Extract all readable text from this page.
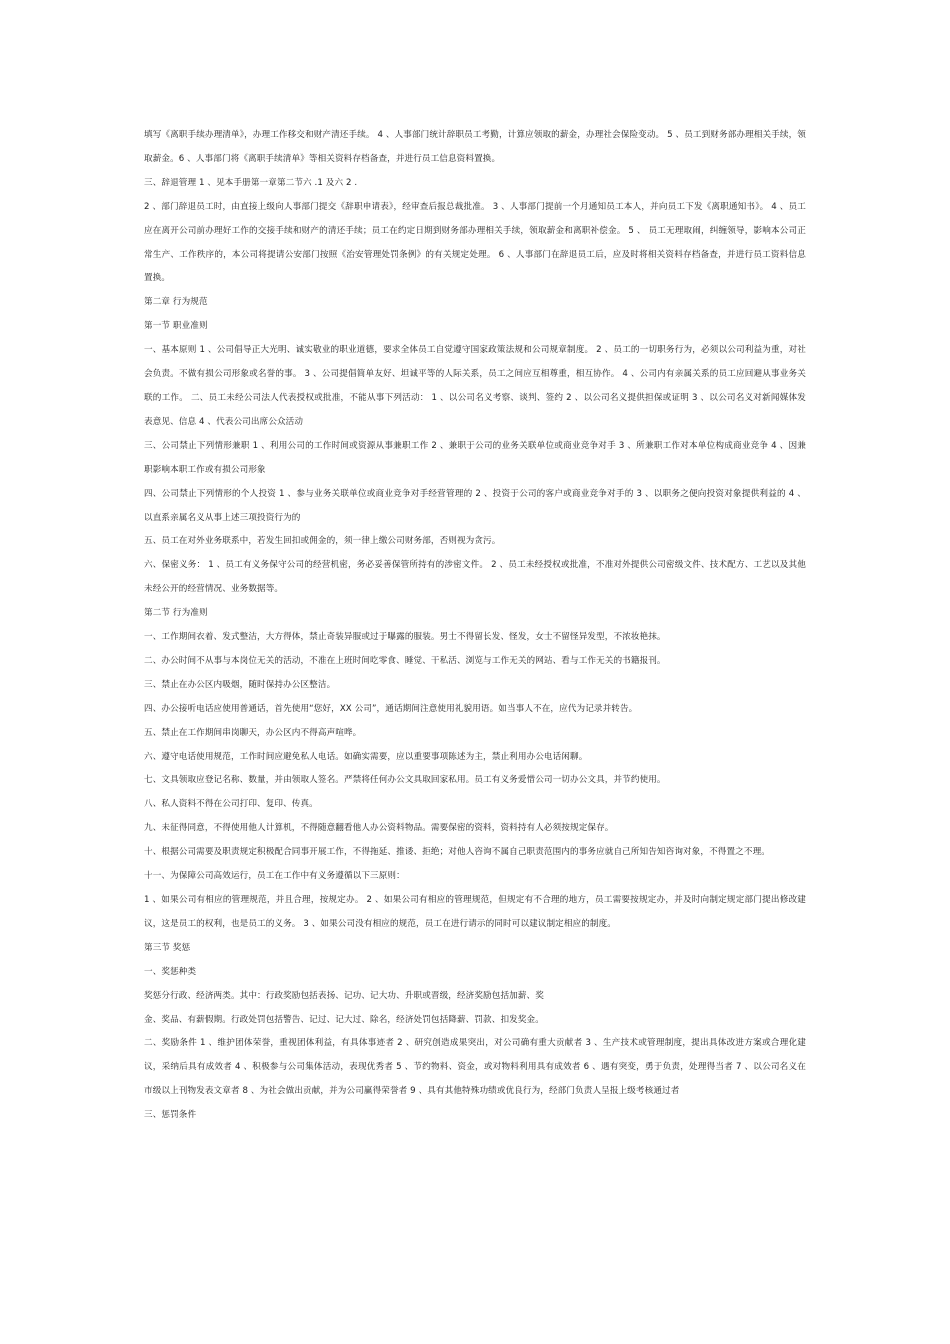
填写《离职手续办理清单》，办理工作移交和财产清还手续。 4 、人事部门统计辞职员工考勤，计算应领取的薪金，办理社会保险变动。 5 、员工到财务部办理相关手续，领取薪金。6 、人事部门将《离职手续清单》等相关资料存档备查，并进行员工信息资料置换。

三、辞退管理 1 、见本手册第一章第二节六 .1 及六 2 .

2 、部门辞退员工时，由直接上级向人事部门提交《辞职申请表》，经审查后报总裁批准。 3 、人事部门提前一个月通知员工本人，并向员工下发《离职通知书》。 4 、员工应在离开公司前办理好工作的交接手续和财产的清还手续；员工在约定日期到财务部办理相关手续，领取薪金和离职补偿金。 5 、 员工无理取闹，纠缠领导，影响本公司正常生产、工作秩序的，本公司将提请公安部门按照《治安管理处罚条例》的有关规定处理。 6 、人事部门在辞退员工后，应及时将相关资料存档备查，并进行员工资料信息置换。

第二章 行为规范

第一节 职业准则

一、基本原则 1 、公司倡导正大光明、诚实敬业的职业道德，要求全体员工自觉遵守国家政策法规和公司规章制度。 2 、员工的一切职务行为，必须以公司利益为重，对社会负责。不做有损公司形象或名誉的事。 3 、公司提倡简单友好、坦诚平等的人际关系，员工之间应互相尊重，相互协作。 4 、公司内有亲属关系的员工应回避从事业务关联的工作。 二、员工未经公司法人代表授权或批准，不能从事下列活动： 1 、以公司名义考察、谈判、签约 2 、以公司名义提供担保或证明 3 、以公司名义对新闻媒体发表意见、信息 4 、代表公司出席公众活动

三、公司禁止下列情形兼职 1 、利用公司的工作时间或资源从事兼职工作 2 、兼职于公司的业务关联单位或商业竞争对手 3 、所兼职工作对本单位构成商业竞争 4 、因兼职影响本职工作或有损公司形象

四、公司禁止下列情形的个人投资 1 、参与业务关联单位或商业竞争对手经营管理的 2 、投资于公司的客户或商业竞争对手的 3 、以职务之便向投资对象提供利益的 4 、以直系亲属名义从事上述三项投资行为的

五、员工在对外业务联系中，若发生回扣或佣金的，须一律上缴公司财务部，否则视为贪污。

六、保密义务： 1 、员工有义务保守公司的经营机密，务必妥善保管所持有的涉密文件。 2 、员工未经授权或批准，不准对外提供公司密级文件、技术配方、工艺以及其他未经公开的经营情况、业务数据等。

第二节 行为准则

一、工作期间衣着、发式整洁，大方得体，禁止奇装异服或过于曝露的服装。男士不得留长发、怪发，女士不留怪异发型，不浓妆艳抹。

二、办公时间不从事与本岗位无关的活动，不准在上班时间吃零食、睡觉、干私活、浏览与工作无关的网站、看与工作无关的书籍报刊。

三、禁止在办公区内吸烟，随时保持办公区整洁。

四、办公接听电话应使用普通话，首先使用“您好，XX 公司”，通话期间注意使用礼貌用语。如当事人不在，应代为记录并转告。

五、禁止在工作期间串岗聊天，办公区内不得高声喧哗。

六、遵守电话使用规范，工作时间应避免私人电话。如确实需要，应以重要事项陈述为主，禁止利用办公电话闲聊。

七、文具领取应登记名称、数量，并由领取人签名。严禁将任何办公文具取回家私用。员工有义务爱惜公司一切办公文具，并节约使用。

八、私人资料不得在公司打印、复印、传真。

九、未征得同意，不得使用他人计算机，不得随意翻看他人办公资料物品。需要保密的资料，资料持有人必须按规定保存。

十、根据公司需要及职责规定积极配合同事开展工作，不得拖延、推诿、拒绝；对他人咨询不属自己职责范围内的事务应就自己所知告知咨询对象，不得置之不理。

十一、为保障公司高效运行，员工在工作中有义务遵循以下三原则：

1 、如果公司有相应的管理规范，并且合理，按规定办。 2 、如果公司有相应的管理规范，但规定有不合理的地方，员工需要按规定办，并及时向制定规定部门提出修改建议，这是员工的权利，也是员工的义务。 3 、如果公司没有相应的规范，员工在进行请示的同时可以建议制定相应的制度。

第三节 奖惩

一、奖惩种类

奖惩分行政、经济两类。其中：行政奖励包括表扬、记功、记大功、升职或晋级，经济奖励包括加薪、奖

金、奖品、有薪假期。行政处罚包括警告、记过、记大过、除名，经济处罚包括降薪、罚款、扣发奖金。

二、奖励条件 1 、维护团体荣誉，重视团体利益，有具体事迹者 2 、研究创造成果突出，对公司确有重大贡献者 3 、生产技术或管理制度，提出具体改进方案或合理化建议，采纳后具有成效者 4 、积极参与公司集体活动，表现优秀者 5 、节约物料、资金，或对物料利用具有成效者 6 、遇有突变，勇于负责，处理得当者 7 、以公司名义在市级以上刊物发表文章者 8 、为社会做出贡献，并为公司赢得荣誉者 9 、具有其他特殊功绩或优良行为，经部门负责人呈报上级考核通过者

三、惩罚条件
